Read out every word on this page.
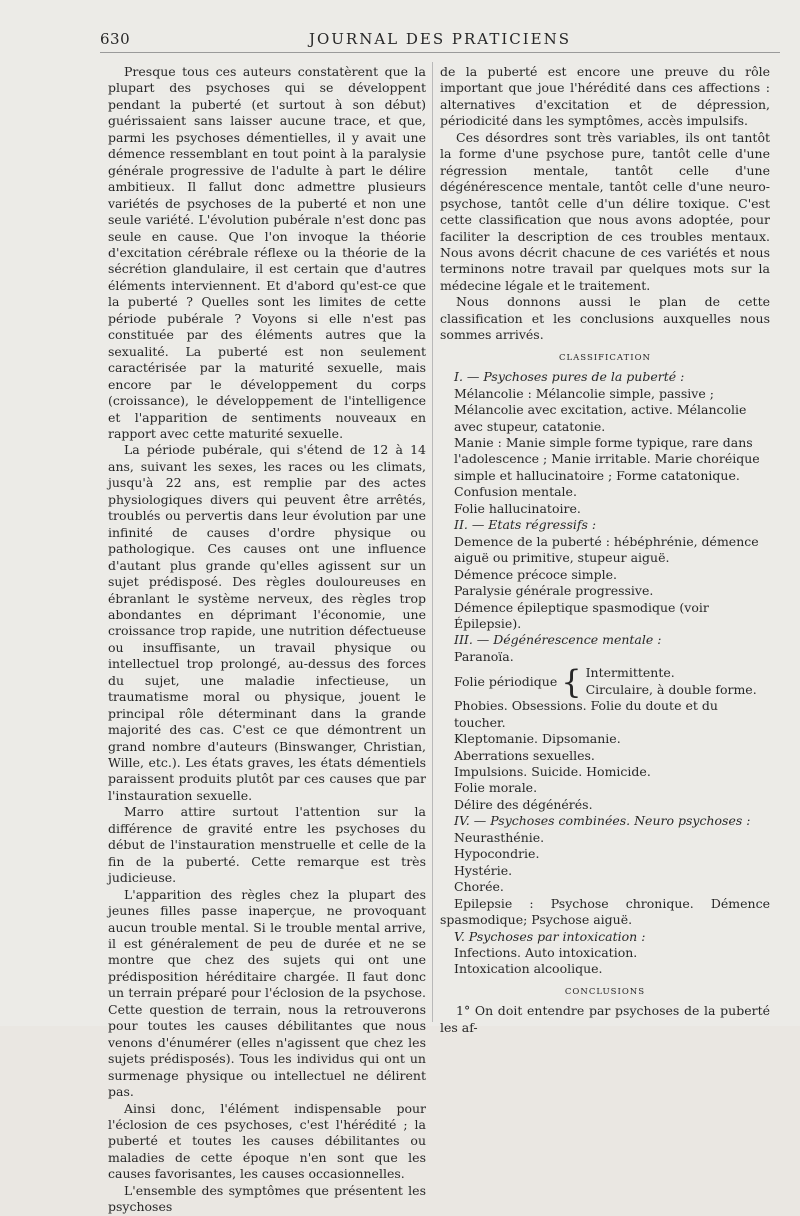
630	JOURNAL DES PRATICIENS

Presque tous ces auteurs constatèrent que la plupart des psychoses qui se développent pendant la puberté (et surtout à son début) guérissaient sans laisser aucune trace, et que, parmi les psychoses démentielles, il y avait une démence ressemblant en tout point à la paralysie générale progressive de l'adulte à part le délire ambitieux. Il fallut donc admettre plusieurs variétés de psychoses de la puberté et non une seule variété. L'évolution pubérale n'est donc pas seule en cause. Que l'on invoque la théorie d'excitation cérébrale réflexe ou la théorie de la sécrétion glandulaire, il est certain que d'autres éléments interviennent. Et d'abord qu'est-ce que la puberté ? Quelles sont les limites de cette période pubérale ? Voyons si elle n'est pas constituée par des éléments autres que la sexualité. La puberté est non seulement caractérisée par la maturité sexuelle, mais encore par le développement du corps (croissance), le développement de l'intelligence et l'apparition de sentiments nouveaux en rapport avec cette maturité sexuelle.

La période pubérale, qui s'étend de 12 à 14 ans, suivant les sexes, les races ou les climats, jusqu'à 22 ans, est remplie par des actes physiologiques divers qui peuvent être arrêtés, troublés ou pervertis dans leur évolution par une infinité de causes d'ordre physique ou pathologique. Ces causes ont une influence d'autant plus grande qu'elles agissent sur un sujet prédisposé. Des règles douloureuses en ébranlant le système nerveux, des règles trop abondantes en déprimant l'économie, une croissance trop rapide, une nutrition défectueuse ou insuffisante, un travail physique ou intellectuel trop prolongé, au-dessus des forces du sujet, une maladie infectieuse, un traumatisme moral ou physique, jouent le principal rôle déterminant dans la grande majorité des cas. C'est ce que démontrent un grand nombre d'auteurs (Binswanger, Christian, Wille, etc.). Les états graves, les états démentiels paraissent produits plutôt par ces causes que par l'instauration sexuelle.

Marro attire surtout l'attention sur la différence de gravité entre les psychoses du début de l'instauration menstruelle et celle de la fin de la puberté. Cette remarque est très judicieuse.

L'apparition des règles chez la plupart des jeunes filles passe inaperçue, ne provoquant aucun trouble mental. Si le trouble mental arrive, il est généralement de peu de durée et ne se montre que chez des sujets qui ont une prédisposition héréditaire chargée. Il faut donc un terrain préparé pour l'éclosion de la psychose. Cette question de terrain, nous la retrouverons pour toutes les causes débilitantes que nous venons d'énumérer (elles n'agissent que chez les sujets prédisposés). Tous les individus qui ont un surmenage physique ou intellectuel ne délirent pas.

Ainsi donc, l'élément indispensable pour l'éclosion de ces psychoses, c'est l'hérédité ; la puberté et toutes les causes débilitantes ou maladies de cette époque n'en sont que les causes favorisantes, les causes occasionnelles.

L'ensemble des symptômes que présentent les psychoses

de la puberté est encore une preuve du rôle important que joue l'hérédité dans ces affections : alternatives d'excitation et de dépression, périodicité dans les symptômes, accès impulsifs.

Ces désordres sont très variables, ils ont tantôt la forme d'une psychose pure, tantôt celle d'une régression mentale, tantôt celle d'une dégénérescence mentale, tantôt celle d'une neuro-psychose, tantôt celle d'un délire toxique. C'est cette classification que nous avons adoptée, pour faciliter la description de ces troubles mentaux. Nous avons décrit chacune de ces variétés et nous terminons notre travail par quelques mots sur la médecine légale et le traitement.

Nous donnons aussi le plan de cette classification et les conclusions auxquelles nous sommes arrivés.

CLASSIFICATION
I. — Psychoses pures de la puberté :
Mélancolie : Mélancolie simple, passive ; Mélancolie avec excitation, active. Mélancolie avec stupeur, catatonie.
Manie : Manie simple forme typique, rare dans l'adolescence ; Manie irritable. Marie choréique simple et hallucinatoire ; Forme catatonique.
Confusion mentale.
Folie hallucinatoire.
II. — Etats régressifs :
Demence de la puberté : hébéphrénie, démence aiguë ou primitive, stupeur aiguë.
Démence précoce simple.
Paralysie générale progressive.
Démence épileptique spasmodique (voir Épilepsie).
III. — Dégénérescence mentale :
Paranoïa.
Folie périodique { Intermittente.
Circulaire, à double forme.
Phobies. Obsessions. Folie du doute et du toucher.
Kleptomanie. Dipsomanie.
Aberrations sexuelles.
Impulsions. Suicide. Homicide.
Folie morale.
Délire des dégénérés.
IV. — Psychoses combinées. Neuro psychoses :
Neurasthénie.
Hypocondrie.
Hystérie.
Chorée.
Epilepsie : Psychose chronique. Démence spasmodique; Psychose aiguë.
V. Psychoses par intoxication :
Infections. Auto intoxication.
Intoxication alcoolique.
CONCLUSIONS

1° On doit entendre par psychoses de la puberté les af-
